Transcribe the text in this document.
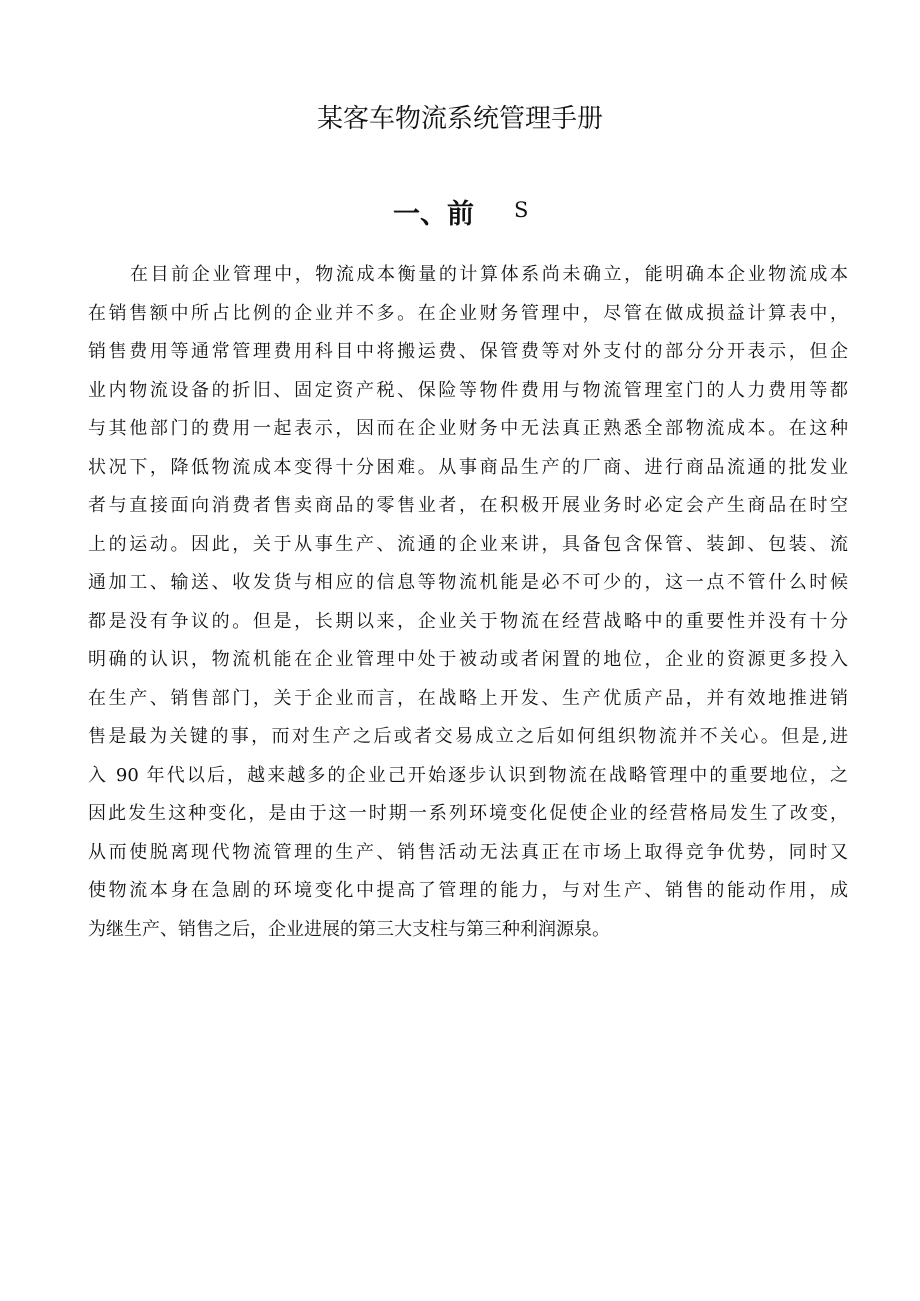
某客车物流系统管理手册
一、前 S
在目前企业管理中，物流成本衡量的计算体系尚未确立，能明确本企业物流成本
在销售额中所占比例的企业并不多。在企业财务管理中，尽管在做成损益计算表中，
销售费用等通常管理费用科目中将搬运费、保管费等对外支付的部分分开表示，但企
业内物流设备的折旧、固定资产税、保险等物件费用与物流管理室门的人力费用等都
与其他部门的费用一起表示，因而在企业财务中无法真正熟悉全部物流成本。在这种
状况下，降低物流成本变得十分困难。从事商品生产的厂商、进行商品流通的批发业
者与直接面向消费者售卖商品的零售业者，在积极开展业务时必定会产生商品在时空
上的运动。因此，关于从事生产、流通的企业来讲，具备包含保管、装卸、包装、流
通加工、输送、收发货与相应的信息等物流机能是必不可少的，这一点不管什么时候
都是没有争议的。但是，长期以来，企业关于物流在经营战略中的重要性并没有十分
明确的认识，物流机能在企业管理中处于被动或者闲置的地位，企业的资源更多投入
在生产、销售部门，关于企业而言，在战略上开发、生产优质产品，并有效地推进销
售是最为关键的事，而对生产之后或者交易成立之后如何组织物流并不关心。但是,进
入 90 年代以后，越来越多的企业己开始逐步认识到物流在战略管理中的重要地位，之
因此发生这种变化，是由于这一时期一系列环境变化促使企业的经营格局发生了改变，
从而使脱离现代物流管理的生产、销售活动无法真正在市场上取得竞争优势，同时又
使物流本身在急剧的环境变化中提高了管理的能力，与对生产、销售的能动作用，成
为继生产、销售之后，企业进展的第三大支柱与第三种利润源泉。
